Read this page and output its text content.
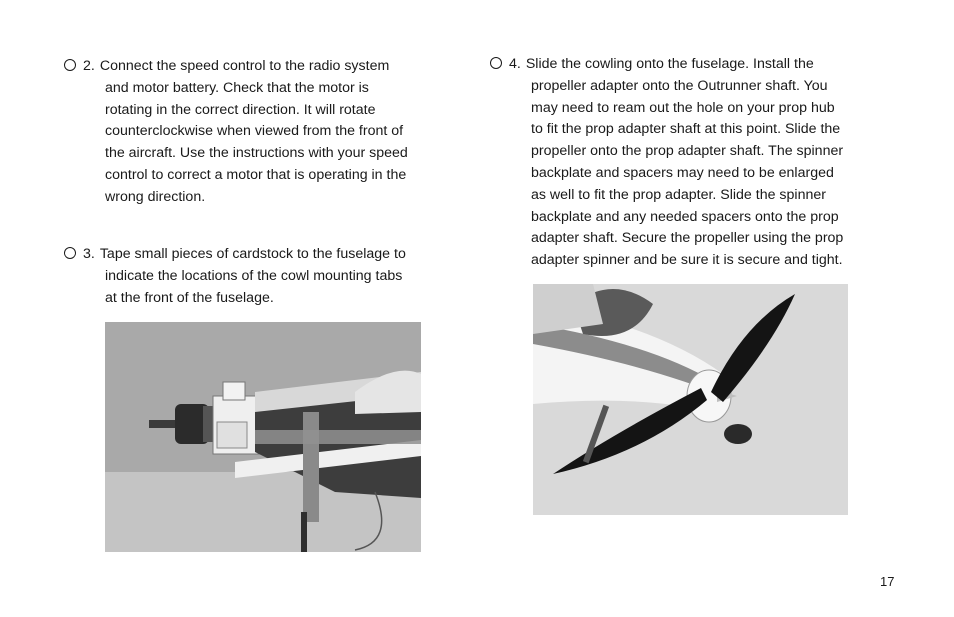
2. Connect the speed control to the radio system
and motor battery. Check that the motor is
rotating in the correct direction. It will rotate
counterclockwise when viewed from the front of
the aircraft. Use the instructions with your speed
control to correct a motor that is operating in the
wrong direction.
3. Tape small pieces of cardstock to the fuselage to
indicate the locations of the cowl mounting tabs
at the front of the fuselage.
4. Slide the cowling onto the fuselage. Install the
propeller adapter onto the Outrunner shaft. You
may need to ream out the hole on your prop hub
to fit the prop adapter shaft at this point. Slide the
propeller onto the prop adapter shaft. The spinner
backplate and spacers may need to be enlarged
as well to fit the prop adapter. Slide the spinner
backplate and any needed spacers onto the prop
adapter shaft. Secure the propeller using the prop
adapter spinner and be sure it is secure and tight.
17
